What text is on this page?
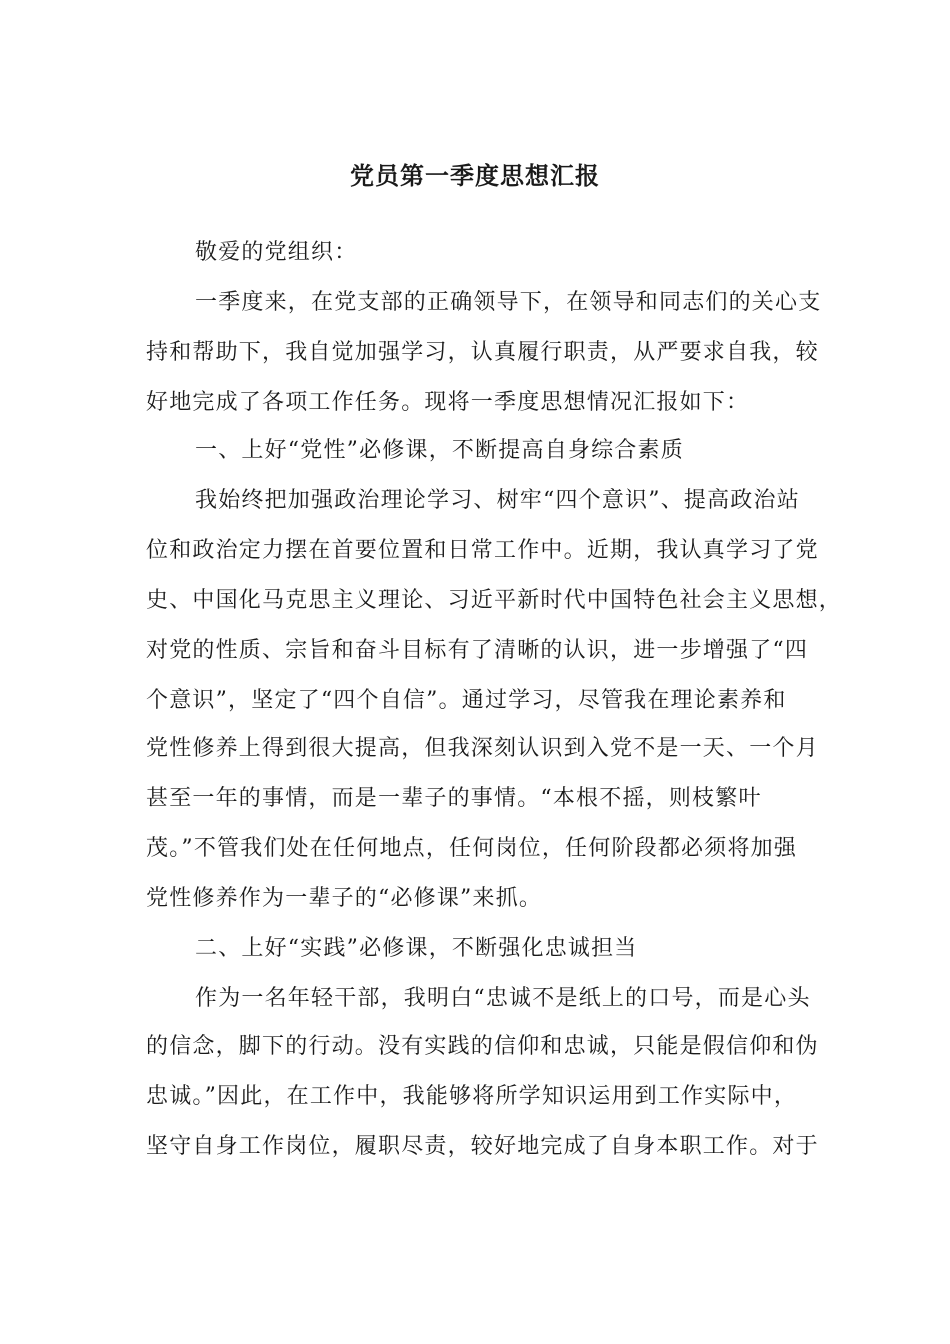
党员第一季度思想汇报

敬爱的党组织：

一季度来，在党支部的正确领导下，在领导和同志们的关心支

持和帮助下，我自觉加强学习，认真履行职责，从严要求自我，较

好地完成了各项工作任务。现将一季度思想情况汇报如下：

一、上好“党性”必修课，不断提高自身综合素质

我始终把加强政治理论学习、树牢“四个意识”、提高政治站

位和政治定力摆在首要位置和日常工作中。近期，我认真学习了党

史、中国化马克思主义理论、习近平新时代中国特色社会主义思想，

对党的性质、宗旨和奋斗目标有了清晰的认识，进一步增强了“四

个意识”，坚定了“四个自信”。通过学习，尽管我在理论素养和

党性修养上得到很大提高，但我深刻认识到入党不是一天、一个月

甚至一年的事情，而是一辈子的事情。“本根不摇，则枝繁叶

茂。”不管我们处在任何地点，任何岗位，任何阶段都必须将加强

党性修养作为一辈子的“必修课”来抓。

二、上好“实践”必修课，不断强化忠诚担当

作为一名年轻干部，我明白“忠诚不是纸上的口号，而是心头

的信念，脚下的行动。没有实践的信仰和忠诚，只能是假信仰和伪

忠诚。”因此，在工作中，我能够将所学知识运用到工作实际中，

坚守自身工作岗位，履职尽责，较好地完成了自身本职工作。对于
